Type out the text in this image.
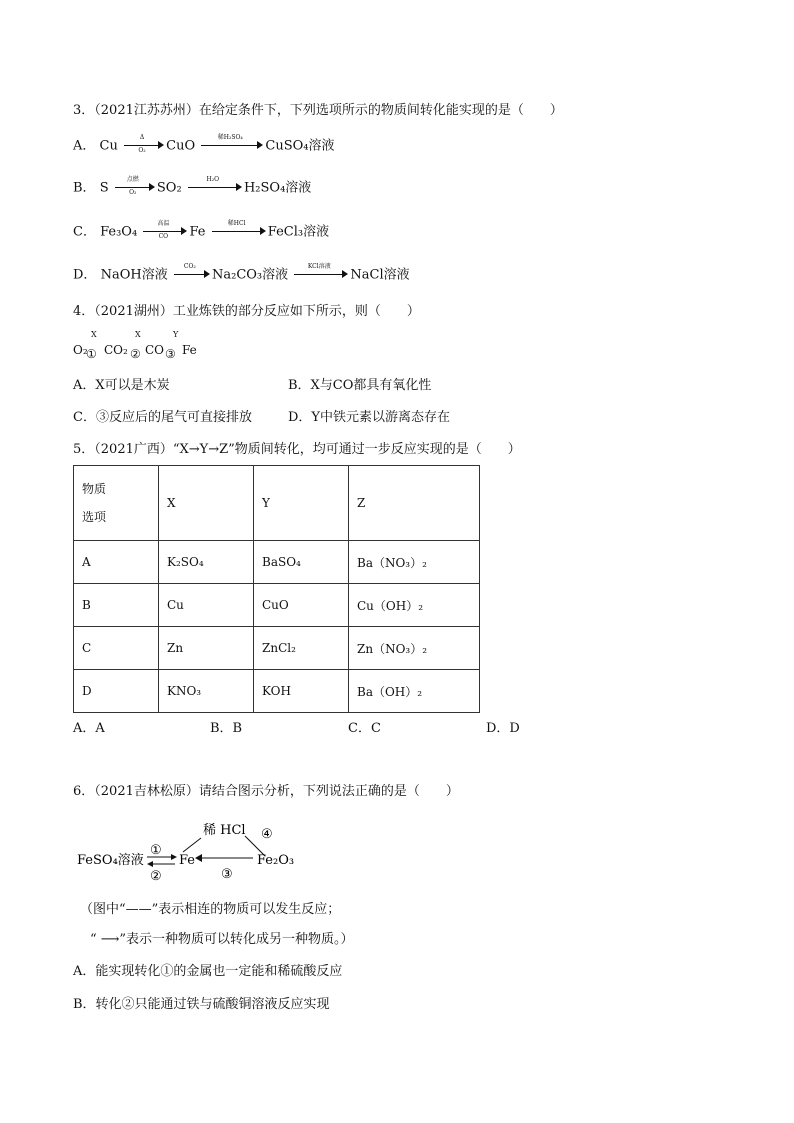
3．（2021江苏苏州）在给定条件下，下列选项所示的物质间转化能实现的是（　　）
A． Cu $\frac{\Delta}{\text{O₂}}$ CuO
稀H₂SO₄
CuSO₄溶液
B． S
点燃
O₂	SO₂
H₂O
H₂SO₄溶液
C． Fe₃O₄
高温
CO	Fe
稀HCl
FeCl₃溶液
D． NaOH溶液
CO₂
Na₂CO₃溶液
KCl溶液
NaCl溶液
4．（2021湖州）工业炼铁的部分反应如下所示，则（　　）
O₂
X
① CO₂
X
② CO
Y
③ Fe
A．X可以是木炭	B．X与CO都具有氧化性
C．③反应后的尾气可直接排放	D．Y中铁元素以游离态存在
5．（2021广西）“X→Y→Z”物质间转化，均可通过一步反应实现的是（　　）
物质
选项	X	Y	Z
A	K₂SO₄	BaSO₄	Ba（NO₃）₂
B	Cu	CuO	Cu（OH）₂
C	Zn	ZnCl₂	Zn（NO₃）₂
D	KNO₃	KOH	Ba（OH）₂
A．A	B．B	C．C	D．D
6．（2021吉林松原）请结合图示分析，下列说法正确的是（　　）
稀 HCl ④
FeSO₄溶液
①
②
Fe	Fe₂O₃
③
（图中“——”表示相连的物质可以发生反应；
“ ⟶”表示一种物质可以转化成另一种物质。）
A．能实现转化①的金属也一定能和稀硫酸反应
B．转化②只能通过铁与硫酸铜溶液反应实现
